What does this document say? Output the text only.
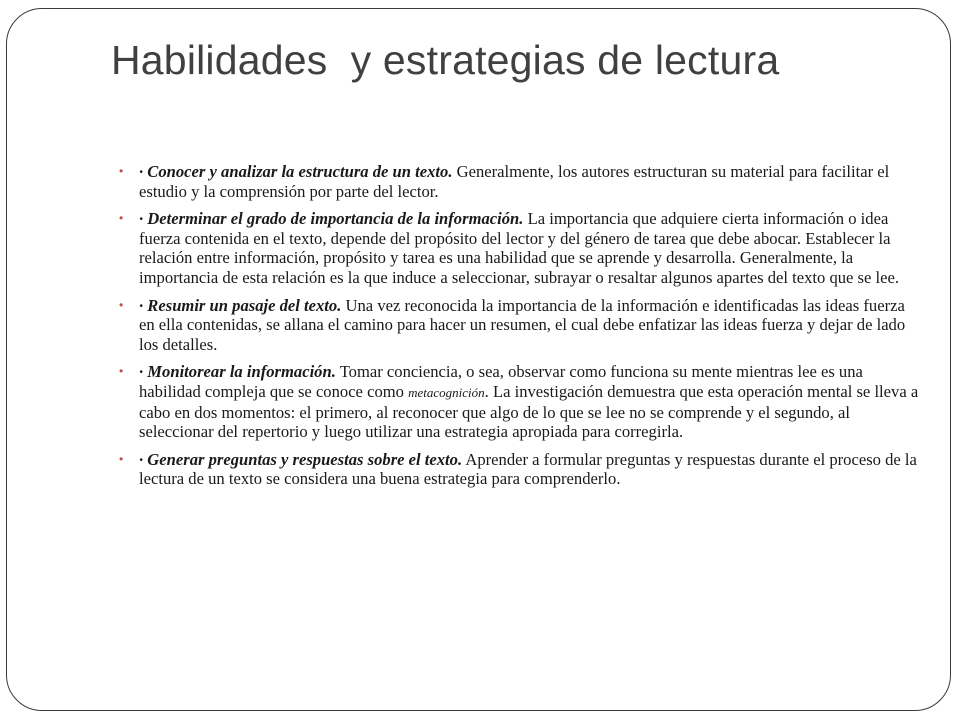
Habilidades  y estrategias de lectura
• · Conocer y analizar la estructura de un texto. Generalmente, los autores estructuran su material para facilitar el estudio y la comprensión por parte del lector.
• · Determinar el grado de importancia de la información. La importancia que adquiere cierta información o idea fuerza contenida en el texto, depende del propósito del lector y del género de tarea que debe abocar. Establecer la relación entre información, propósito y tarea es una habilidad que se aprende y desarrolla. Generalmente, la importancia de esta relación es la que induce a seleccionar, subrayar o resaltar algunos apartes del texto que se lee.
• · Resumir un pasaje del texto. Una vez reconocida la importancia de la información e identificadas las ideas fuerza en ella contenidas, se allana el camino para hacer un resumen, el cual debe enfatizar las ideas fuerza y dejar de lado los detalles.
• · Monitorear la información. Tomar conciencia, o sea, observar como funciona su mente mientras lee es una habilidad compleja que se conoce como metacognición. La investigación demuestra que esta operación mental se lleva a cabo en dos momentos: el primero, al reconocer que algo de lo que se lee no se comprende y el segundo, al seleccionar del repertorio y luego utilizar una estrategia apropiada para corregirla.
• · Generar preguntas y respuestas sobre el texto. Aprender a formular preguntas y respuestas durante el proceso de la lectura de un texto se considera una buena estrategia para comprenderlo.
